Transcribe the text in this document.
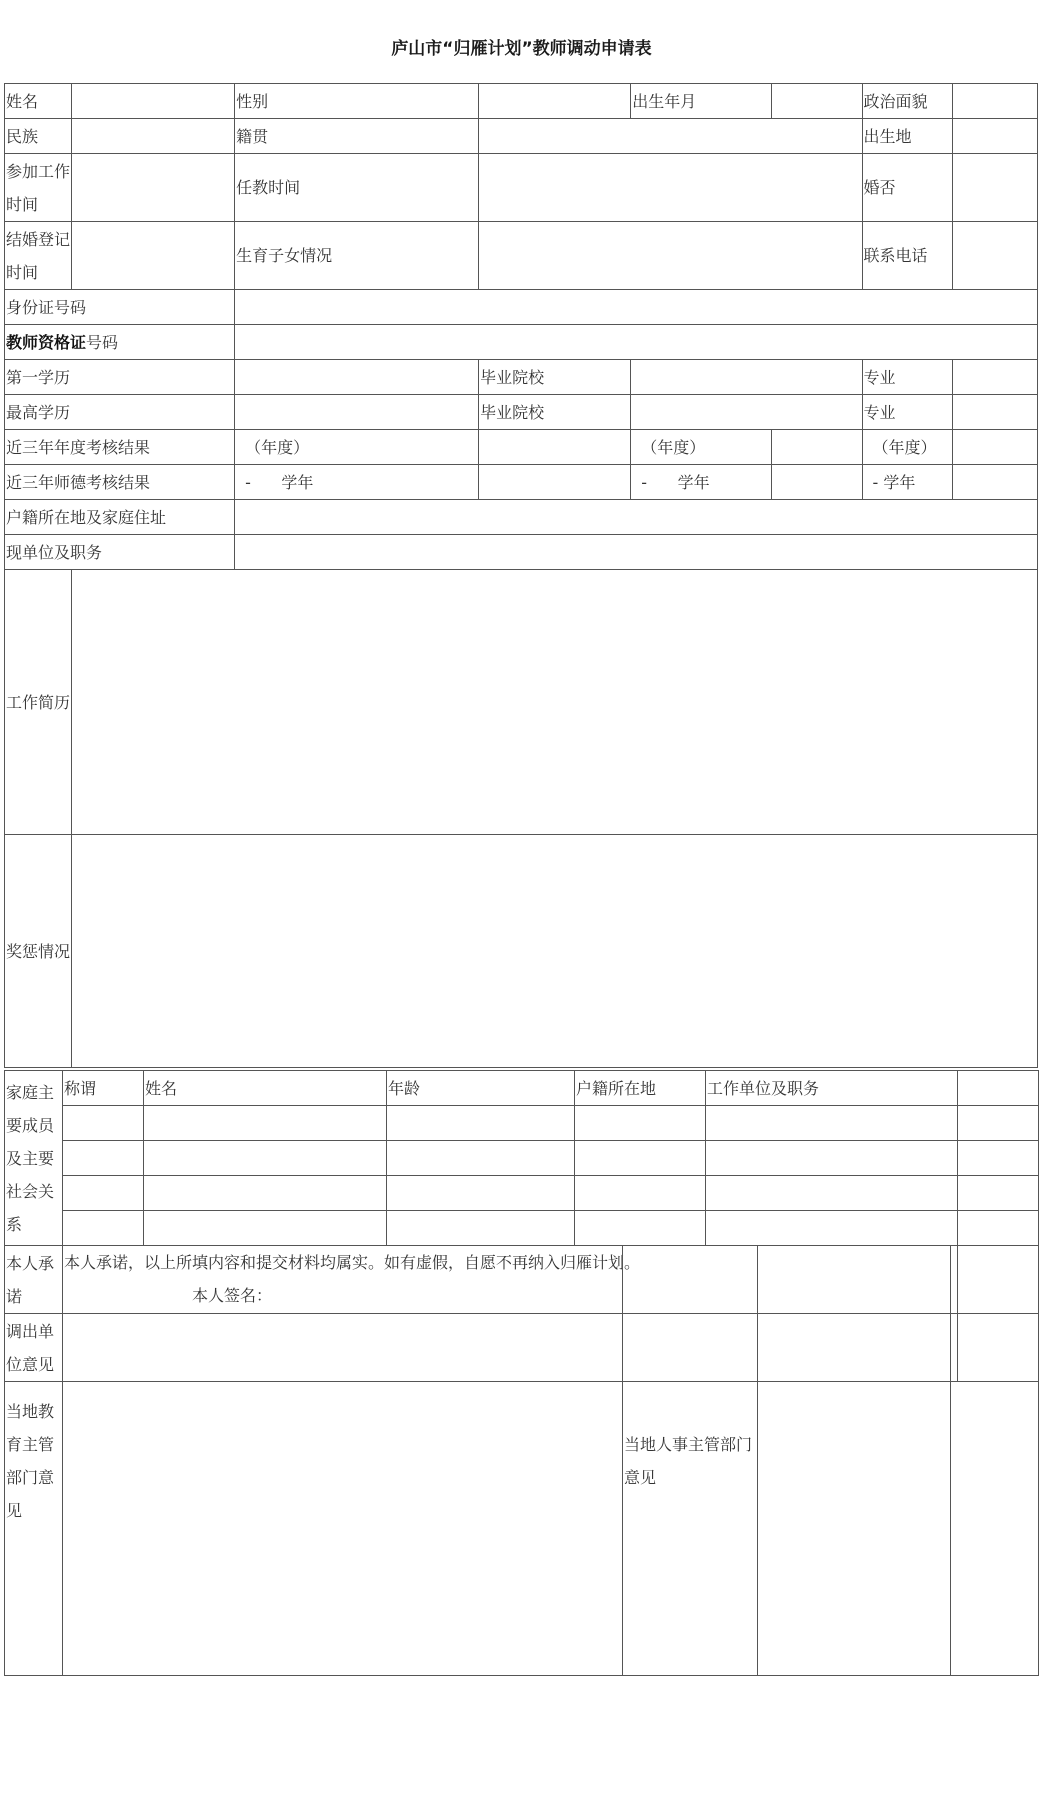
庐山市“归雁计划”教师调动申请表
姓名		性别		出生年月		政治面貌	
民族		籍贯				出生地	
参加工作时间		任教时间				婚否	
结婚登记时间		生育子女情况				联系电话	
身份证号码							
教师资格证号码							
第一学历			毕业院校			专业	
最高学历			毕业院校			专业	
近三年年度考核结果		（年度）		（年度）		（年度）	
近三年师德考核结果		-      学年		-      学年		- 学年	
户籍所在地及家庭住址							
现单位及职务							
工作简历							
奖惩情况							
家庭主要成员及主要社会关系	称谓	姓名	年龄	户籍所在地	工作单位及职务	

本人承诺	本人承诺，以上所填内容和提交材料均属实。如有虚假，自愿不再纳入归雁计划。
本人签名：					

调出单位意见						
当地教育主管部门意见		当地人事主管部门意见		
